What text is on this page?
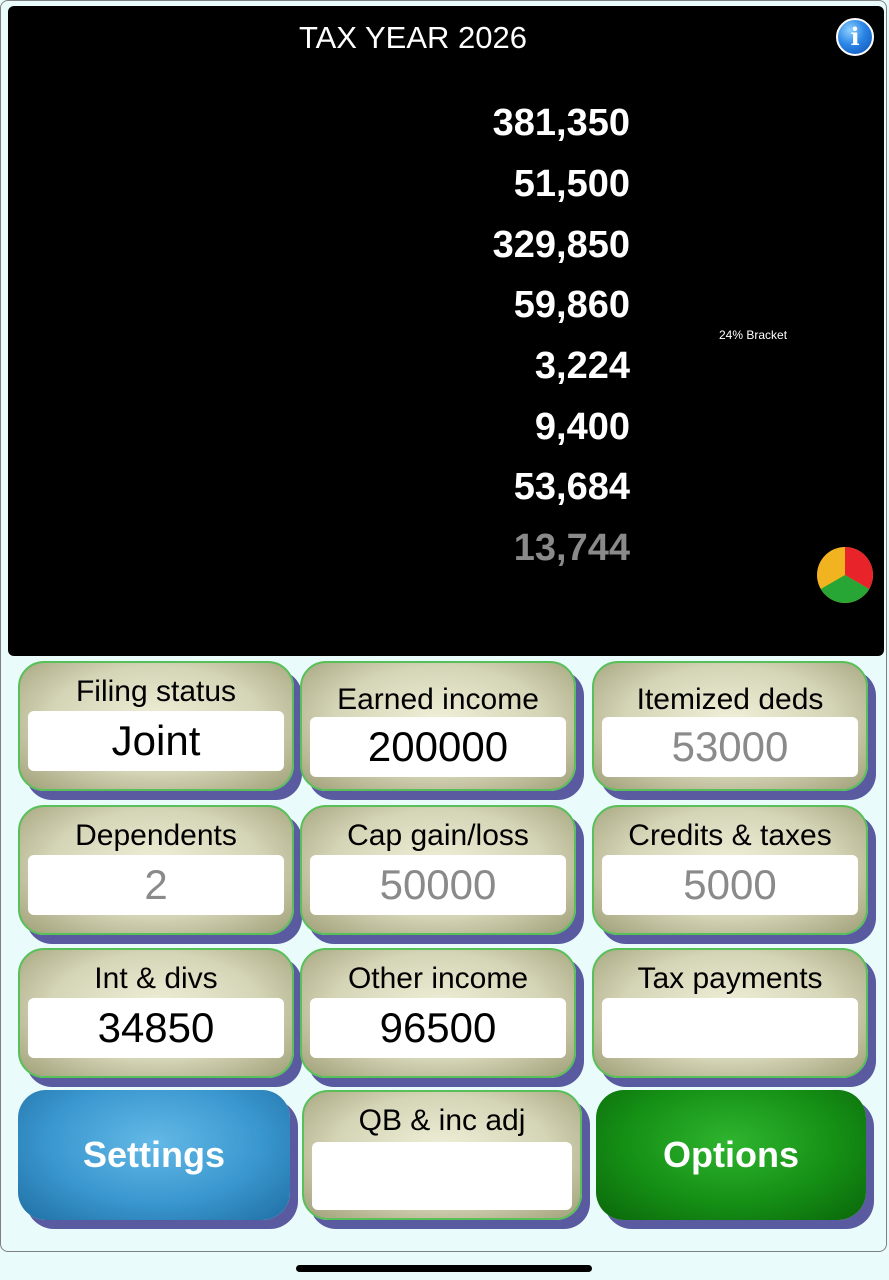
TAX YEAR 2026	i
381,350
51,500
329,850
59,860
3,224
9,400
53,684
13,744
24% Bracket
Filing status
Joint
Earned income
200000
Itemized deds
53000
Dependents
2
Cap gain/loss
50000
Credits & taxes
5000
Int & divs
34850
Other income
96500
Tax payments
Settings
QB & inc adj
Options
